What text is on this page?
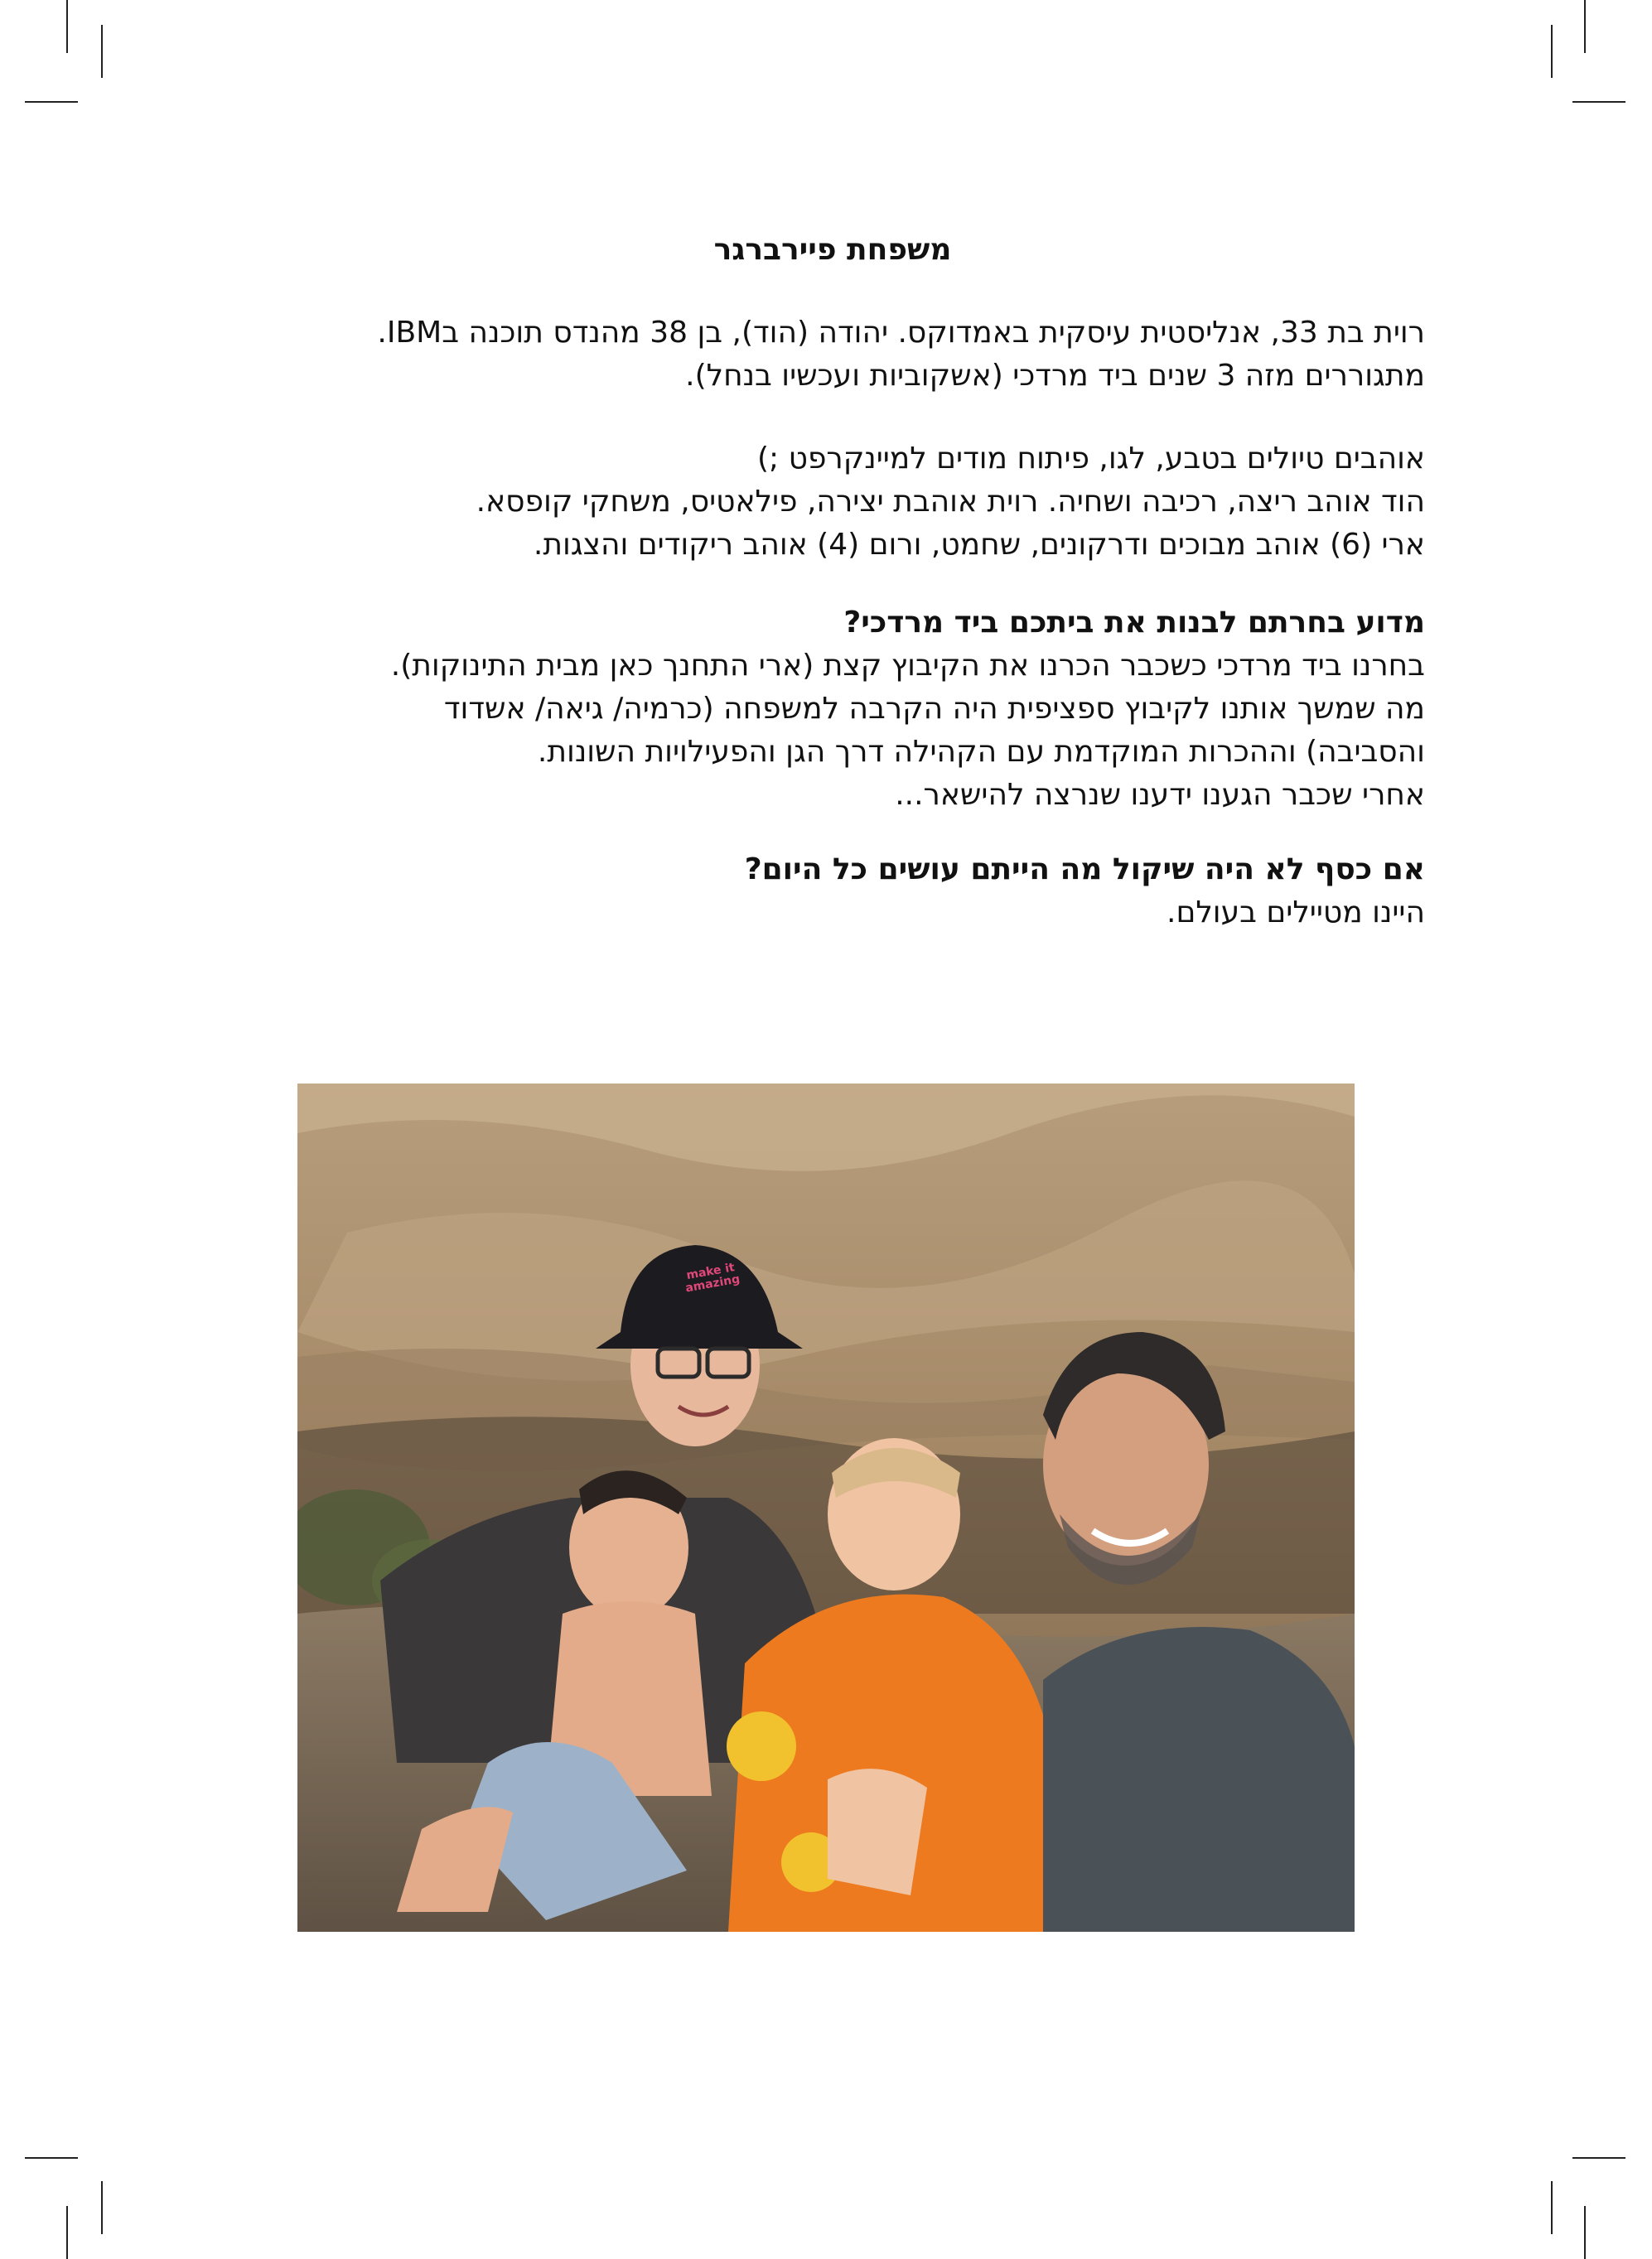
משפחת פיירברגר

רוית בת 33, אנליסטית עיסקית באמדוקס. יהודה (הוד), בן 38 מהנדס תוכנה בIBM.

מתגוררים מזה 3 שנים ביד מרדכי (אשקוביות ועכשיו בנחל).

אוהבים טיולים בטבע, לגו, פיתוח מודים למיינקרפט ;)

הוד אוהב ריצה, רכיבה ושחיה. רוית אוהבת יצירה, פילאטיס, משחקי קופסא.

ארי (6) אוהב מבוכים ודרקונים, שחמט, ורום (4) אוהב ריקודים והצגות.

מדוע בחרתם לבנות את ביתכם ביד מרדכי?

בחרנו ביד מרדכי כשכבר הכרנו את הקיבוץ קצת (ארי התחנך כאן מבית התינוקות).

מה שמשך אותנו לקיבוץ ספציפית היה הקרבה למשפחה (כרמיה/ גיאה/ אשדוד

והסביבה) וההכרות המוקדמת עם הקהילה דרך הגן והפעילויות השונות.

אחרי שכבר הגענו ידענו שנרצה להישאר...

אם כסף לא היה שיקול מה הייתם עושים כל היום?

היינו מטיילים בעולם.

make it amazing
